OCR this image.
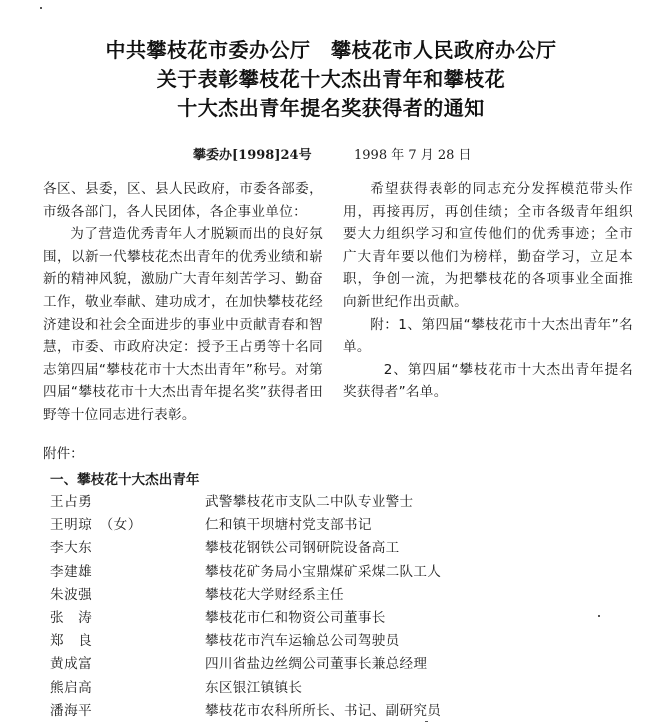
中共攀枝花市委办公厅　攀枝花市人民政府办公厅
关于表彰攀枝花十大杰出青年和攀枝花
十大杰出青年提名奖获得者的通知
攀委办[1998]24号	1998 年 7 月 28 日

各区、县委，区、县人民政府，市委各部委，市级各部门，各人民团体，各企事业单位：

为了营造优秀青年人才脱颖而出的良好氛围，以新一代攀枝花杰出青年的优秀业绩和崭新的精神风貌，激励广大青年刻苦学习、勤奋工作，敬业奉献、建功成才，在加快攀枝花经济建设和社会全面进步的事业中贡献青春和智慧，市委、市政府决定：授予王占勇等十名同志第四届“攀枝花市十大杰出青年”称号。对第四届“攀枝花市十大杰出青年提名奖”获得者田野等十位同志进行表彰。

希望获得表彰的同志充分发挥模范带头作用，再接再厉，再创佳绩；全市各级青年组织要大力组织学习和宣传他们的优秀事迹；全市广大青年要以他们为榜样，勤奋学习，立足本职，争创一流，为把攀枝花的各项事业全面推向新世纪作出贡献。

附：1、第四届“攀枝花市十大杰出青年”名单。

2、第四届“攀枝花市十大杰出青年提名奖获得者”名单。

附件：
一、攀枝花十大杰出青年
王占勇	武警攀枝花市支队二中队专业警士
王明琼　（女）	仁和镇干坝塘村党支部书记
李大东	攀枝花钢铁公司钢研院设备高工
李建雄	攀枝花矿务局小宝鼎煤矿采煤二队工人
朱波强	攀枝花大学财经系主任
张　涛	攀枝花市仁和物资公司董事长
郑　良	攀枝花市汽车运输总公司驾驶员
黄成富	四川省盐边丝绸公司董事长兼总经理
熊启高	东区银江镇镇长
潘海平	攀枝花市农科所所长、书记、副研究员
